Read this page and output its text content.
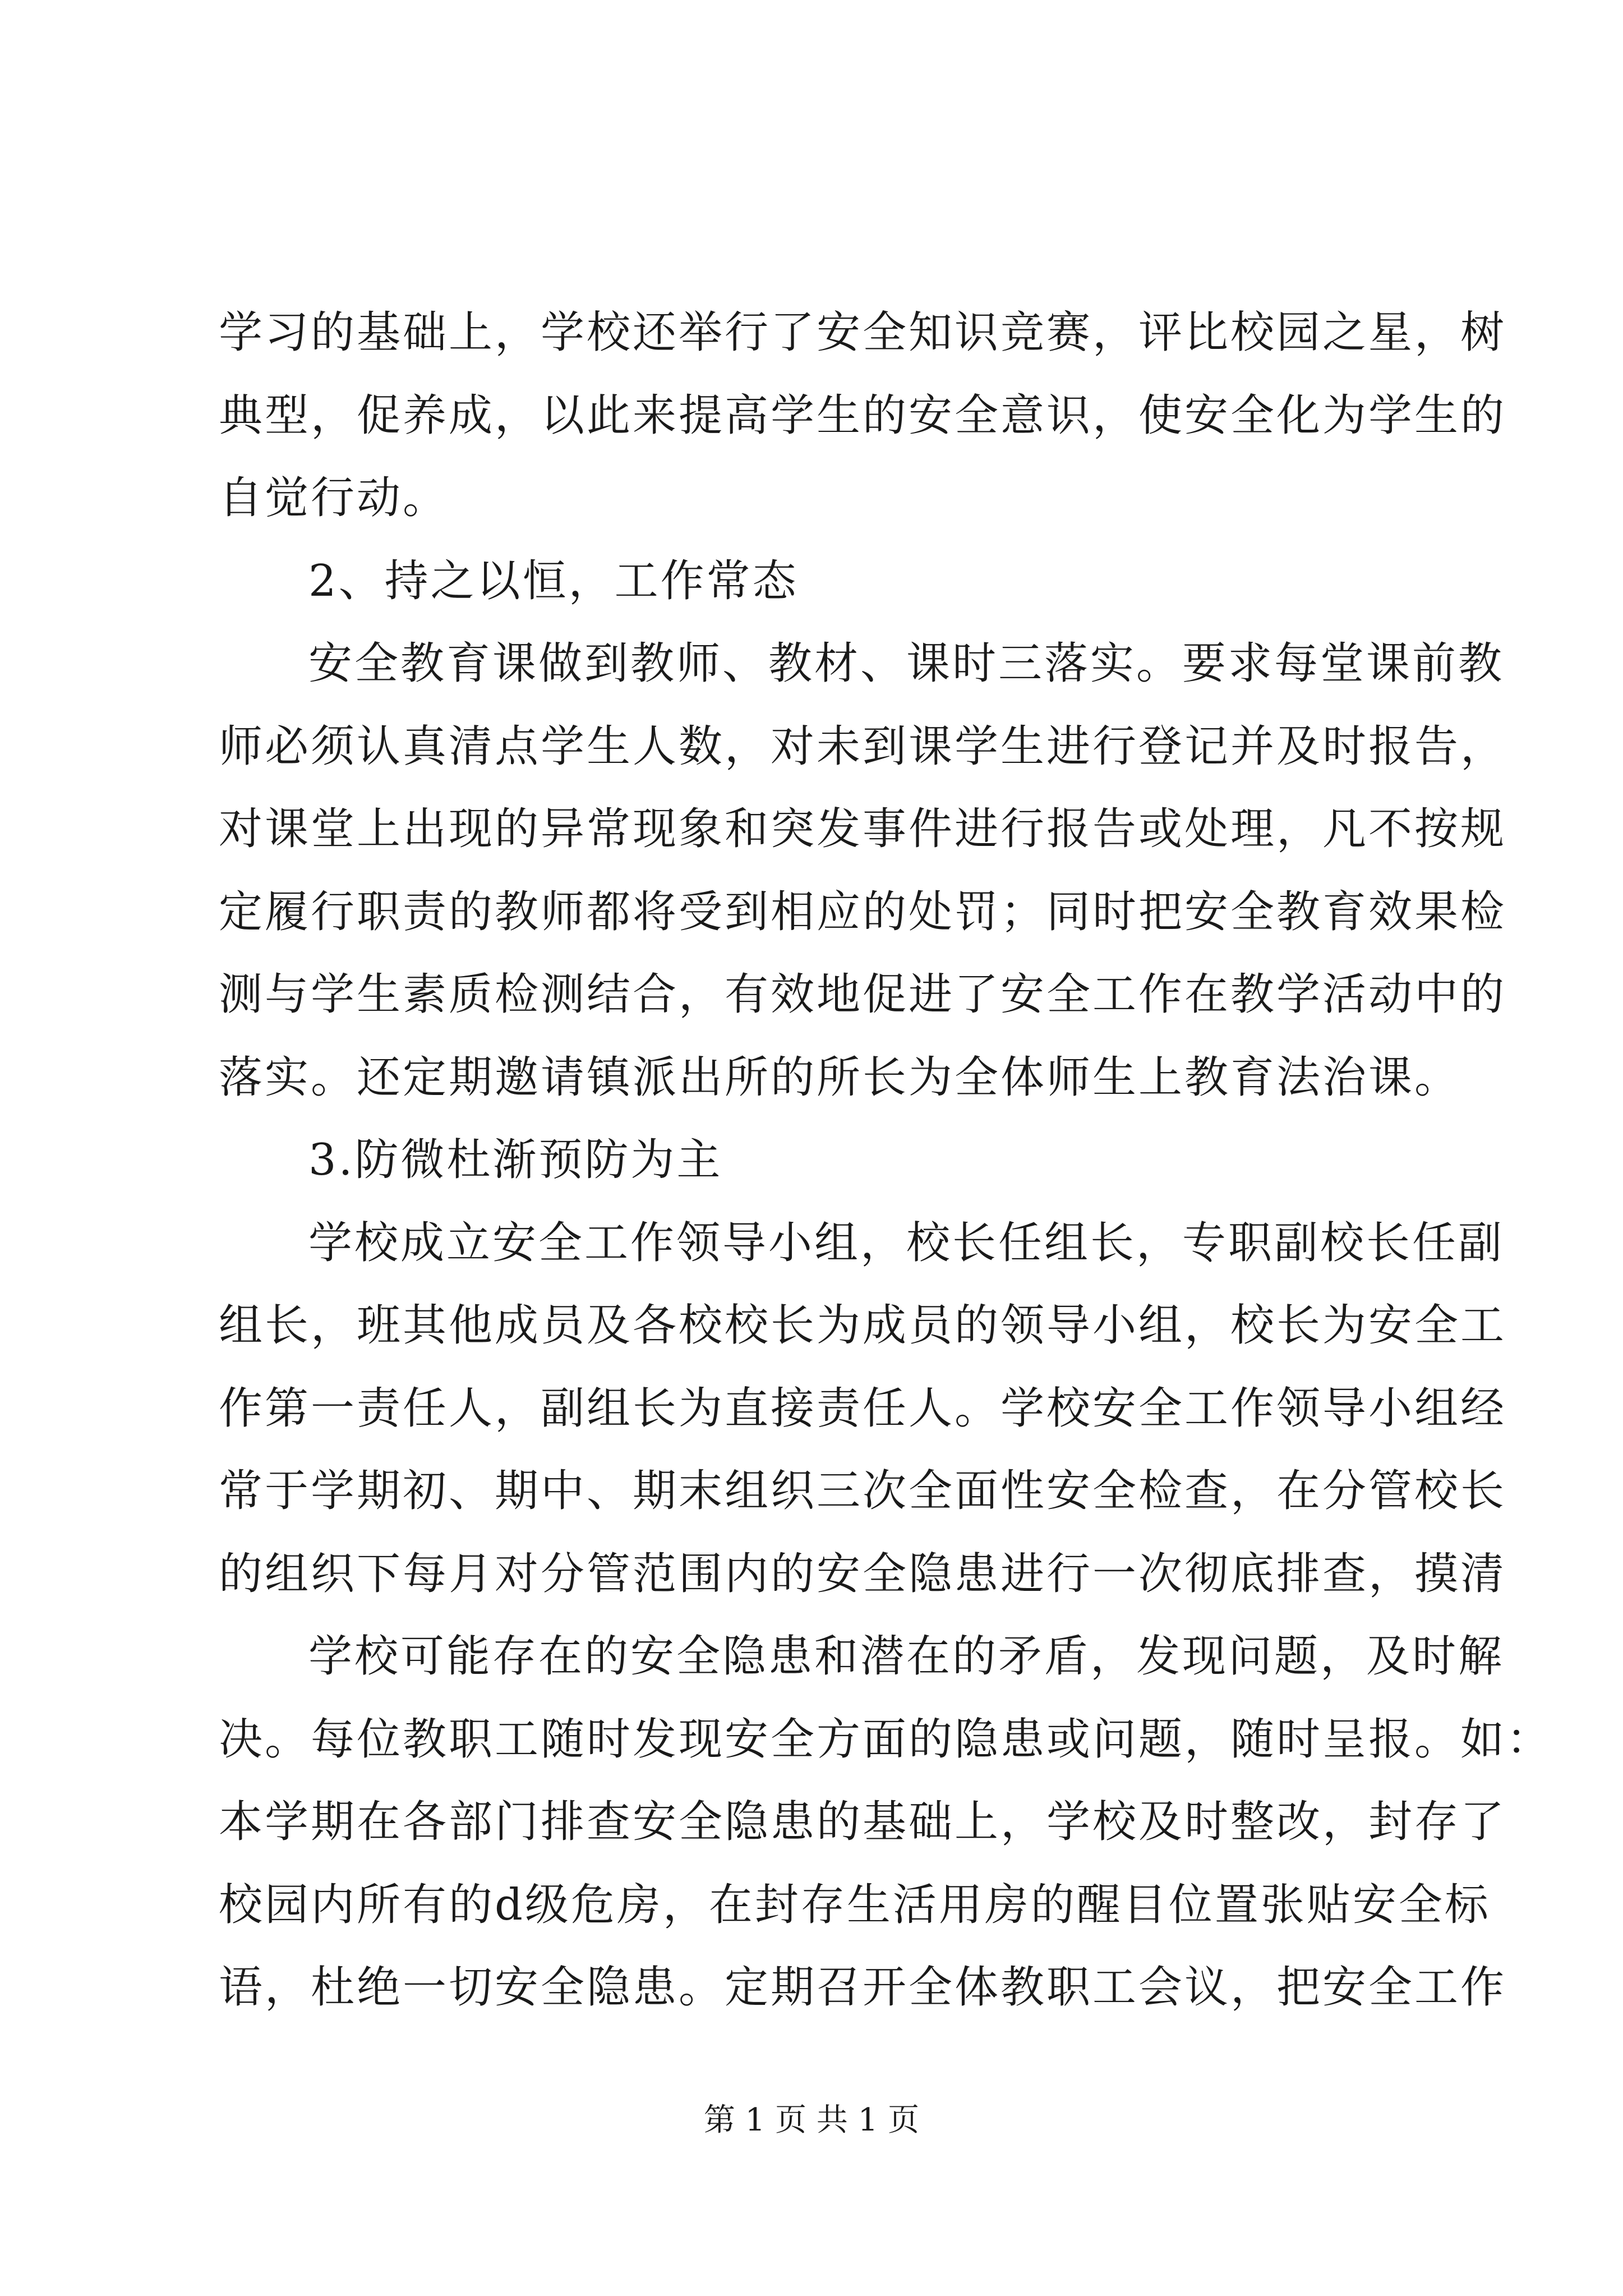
学习的基础上，学校还举行了安全知识竞赛，评比校园之星，树
典型，促养成，以此来提高学生的安全意识，使安全化为学生的
自觉行动。
2、持之以恒，工作常态
安全教育课做到教师、教材、课时三落实。要求每堂课前教
师必须认真清点学生人数，对未到课学生进行登记并及时报告，
对课堂上出现的异常现象和突发事件进行报告或处理，凡不按规
定履行职责的教师都将受到相应的处罚；同时把安全教育效果检
测与学生素质检测结合，有效地促进了安全工作在教学活动中的
落实。还定期邀请镇派出所的所长为全体师生上教育法治课。
3.防微杜渐预防为主
学校成立安全工作领导小组，校长任组长，专职副校长任副
组长，班其他成员及各校校长为成员的领导小组，校长为安全工
作第一责任人，副组长为直接责任人。学校安全工作领导小组经
常于学期初、期中、期末组织三次全面性安全检查，在分管校长
的组织下每月对分管范围内的安全隐患进行一次彻底排查，摸清
学校可能存在的安全隐患和潜在的矛盾，发现问题，及时解
决。每位教职工随时发现安全方面的隐患或问题，随时呈报。如：
本学期在各部门排查安全隐患的基础上，学校及时整改，封存了
校园内所有的d级危房，在封存生活用房的醒目位置张贴安全标
语，杜绝一切安全隐患。定期召开全体教职工会议，把安全工作
第 1 页 共 1 页
